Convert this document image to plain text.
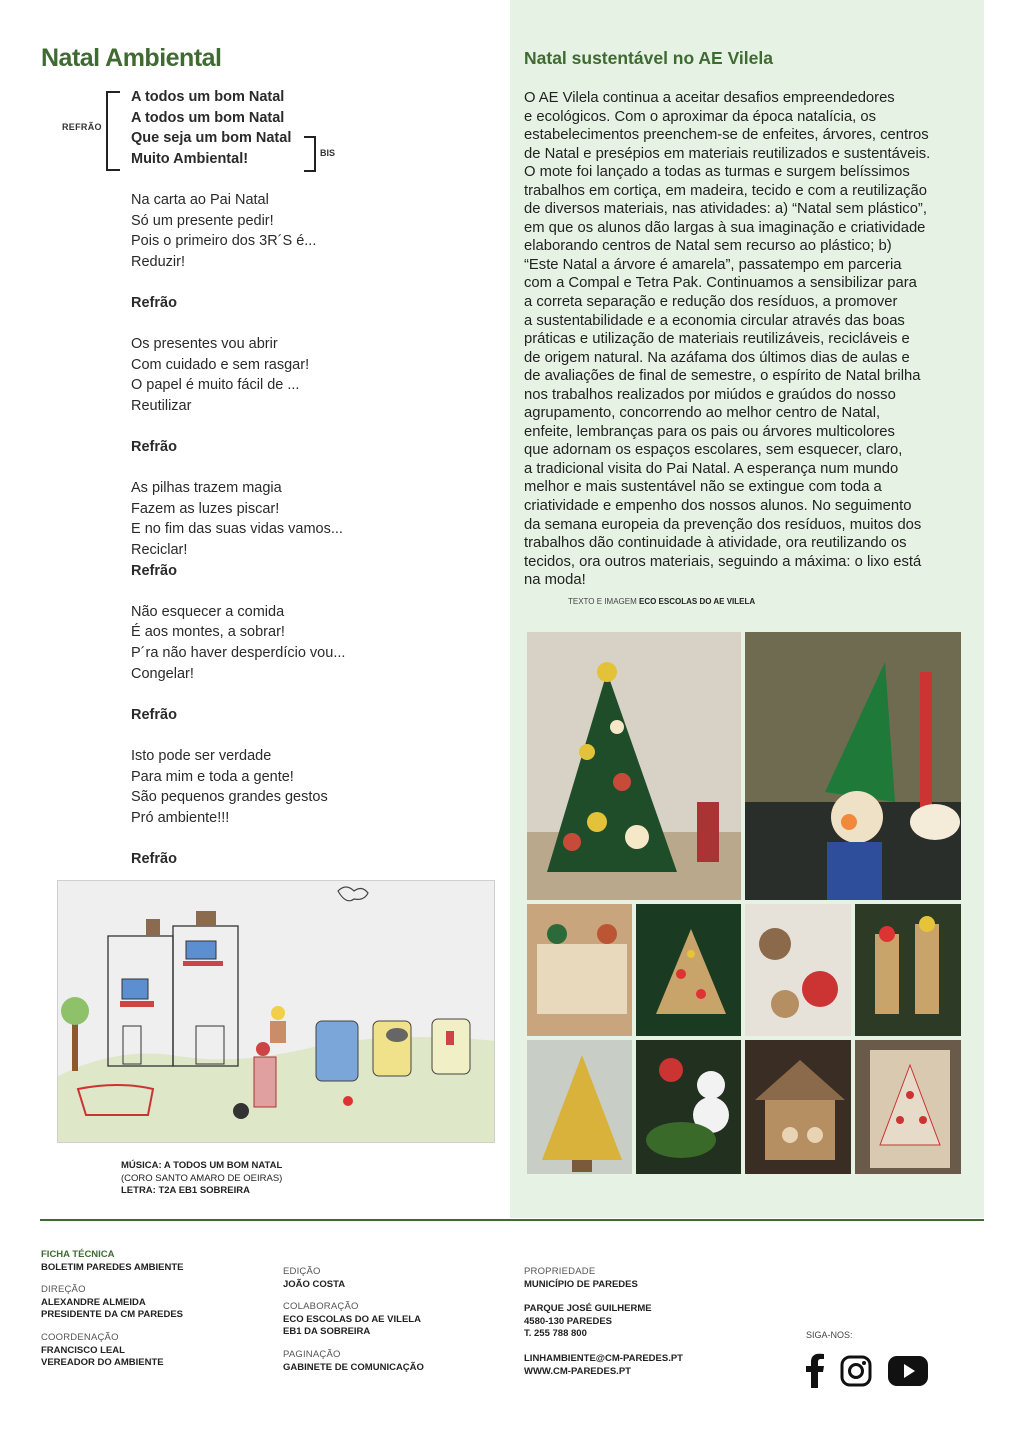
Natal Ambiental
REFRÃO
BIS
A todos um bom Natal
A todos um bom Natal
Que seja um bom Natal
Muito Ambiental!
Na carta ao Pai Natal
Só um presente pedir!
Pois o primeiro dos 3R´S é...
Reduzir!
Refrão
Os presentes vou abrir
Com cuidado e sem rasgar!
O papel é muito fácil de ...
Reutilizar
Refrão
As pilhas trazem magia
Fazem as luzes piscar!
E no fim das suas vidas vamos...
Reciclar!
Refrão
Não esquecer a comida
É aos montes, a sobrar!
P´ra não haver desperdício vou...
Congelar!
Refrão
Isto pode ser verdade
Para mim e toda a gente!
São pequenos grandes gestos
Pró ambiente!!!
Refrão
MÚSICA: A TODOS UM BOM NATAL
(CORO SANTO AMARO DE OEIRAS)
LETRA: T2A EB1 SOBREIRA
Natal sustentável no AE Vilela
O AE Vilela continua a aceitar desafios empreendedores
e ecológicos. Com o aproximar da época natalícia, os
estabelecimentos preenchem-se de enfeites, árvores, centros
de Natal e presépios em materiais reutilizados e sustentáveis.
O mote foi lançado a todas as turmas e surgem belíssimos
trabalhos em cortiça, em madeira, tecido e com a reutilização
de diversos materiais, nas atividades: a) “Natal sem plástico”,
em que os alunos dão largas à sua imaginação e criatividade
elaborando centros de Natal sem recurso ao plástico; b)
“Este Natal a árvore é amarela”, passatempo em parceria
com a Compal e Tetra Pak. Continuamos a sensibilizar para
a correta separação e redução dos resíduos, a promover
a sustentabilidade e a economia circular através das boas
práticas e utilização de materiais reutilizáveis, recicláveis e
de origem natural. Na azáfama dos últimos dias de aulas e
de avaliações de final de semestre, o espírito de Natal brilha
nos trabalhos realizados por miúdos e graúdos do nosso
agrupamento, concorrendo ao melhor centro de Natal,
enfeite, lembranças para os pais ou árvores multicolores
que adornam os espaços escolares, sem esquecer, claro,
a tradicional visita do Pai Natal. A esperança num mundo
melhor e mais sustentável não se extingue com toda a
criatividade e empenho dos nossos alunos. No seguimento
da semana europeia da prevenção dos resíduos, muitos dos
trabalhos dão continuidade à atividade, ora reutilizando os
tecidos, ora outros materiais, seguindo a máxima: o lixo está
na moda!
TEXTO E IMAGEM ECO ESCOLAS DO AE VILELA
FICHA TÉCNICA
BOLETIM PAREDES AMBIENTE
DIREÇÃO
ALEXANDRE ALMEIDA
PRESIDENTE DA CM PAREDES
COORDENAÇÃO
FRANCISCO LEAL
VEREADOR DO AMBIENTE
EDIÇÃO
JOÃO COSTA
COLABORAÇÃO
ECO ESCOLAS DO AE VILELA
EB1 DA SOBREIRA
PAGINAÇÃO
GABINETE DE COMUNICAÇÃO
PROPRIEDADE
MUNICÍPIO DE PAREDES
PARQUE JOSÉ GUILHERME
4580-130 PAREDES
T. 255 788 800
LINHAMBIENTE@CM-PAREDES.PT
WWW.CM-PAREDES.PT
SIGA-NOS:
